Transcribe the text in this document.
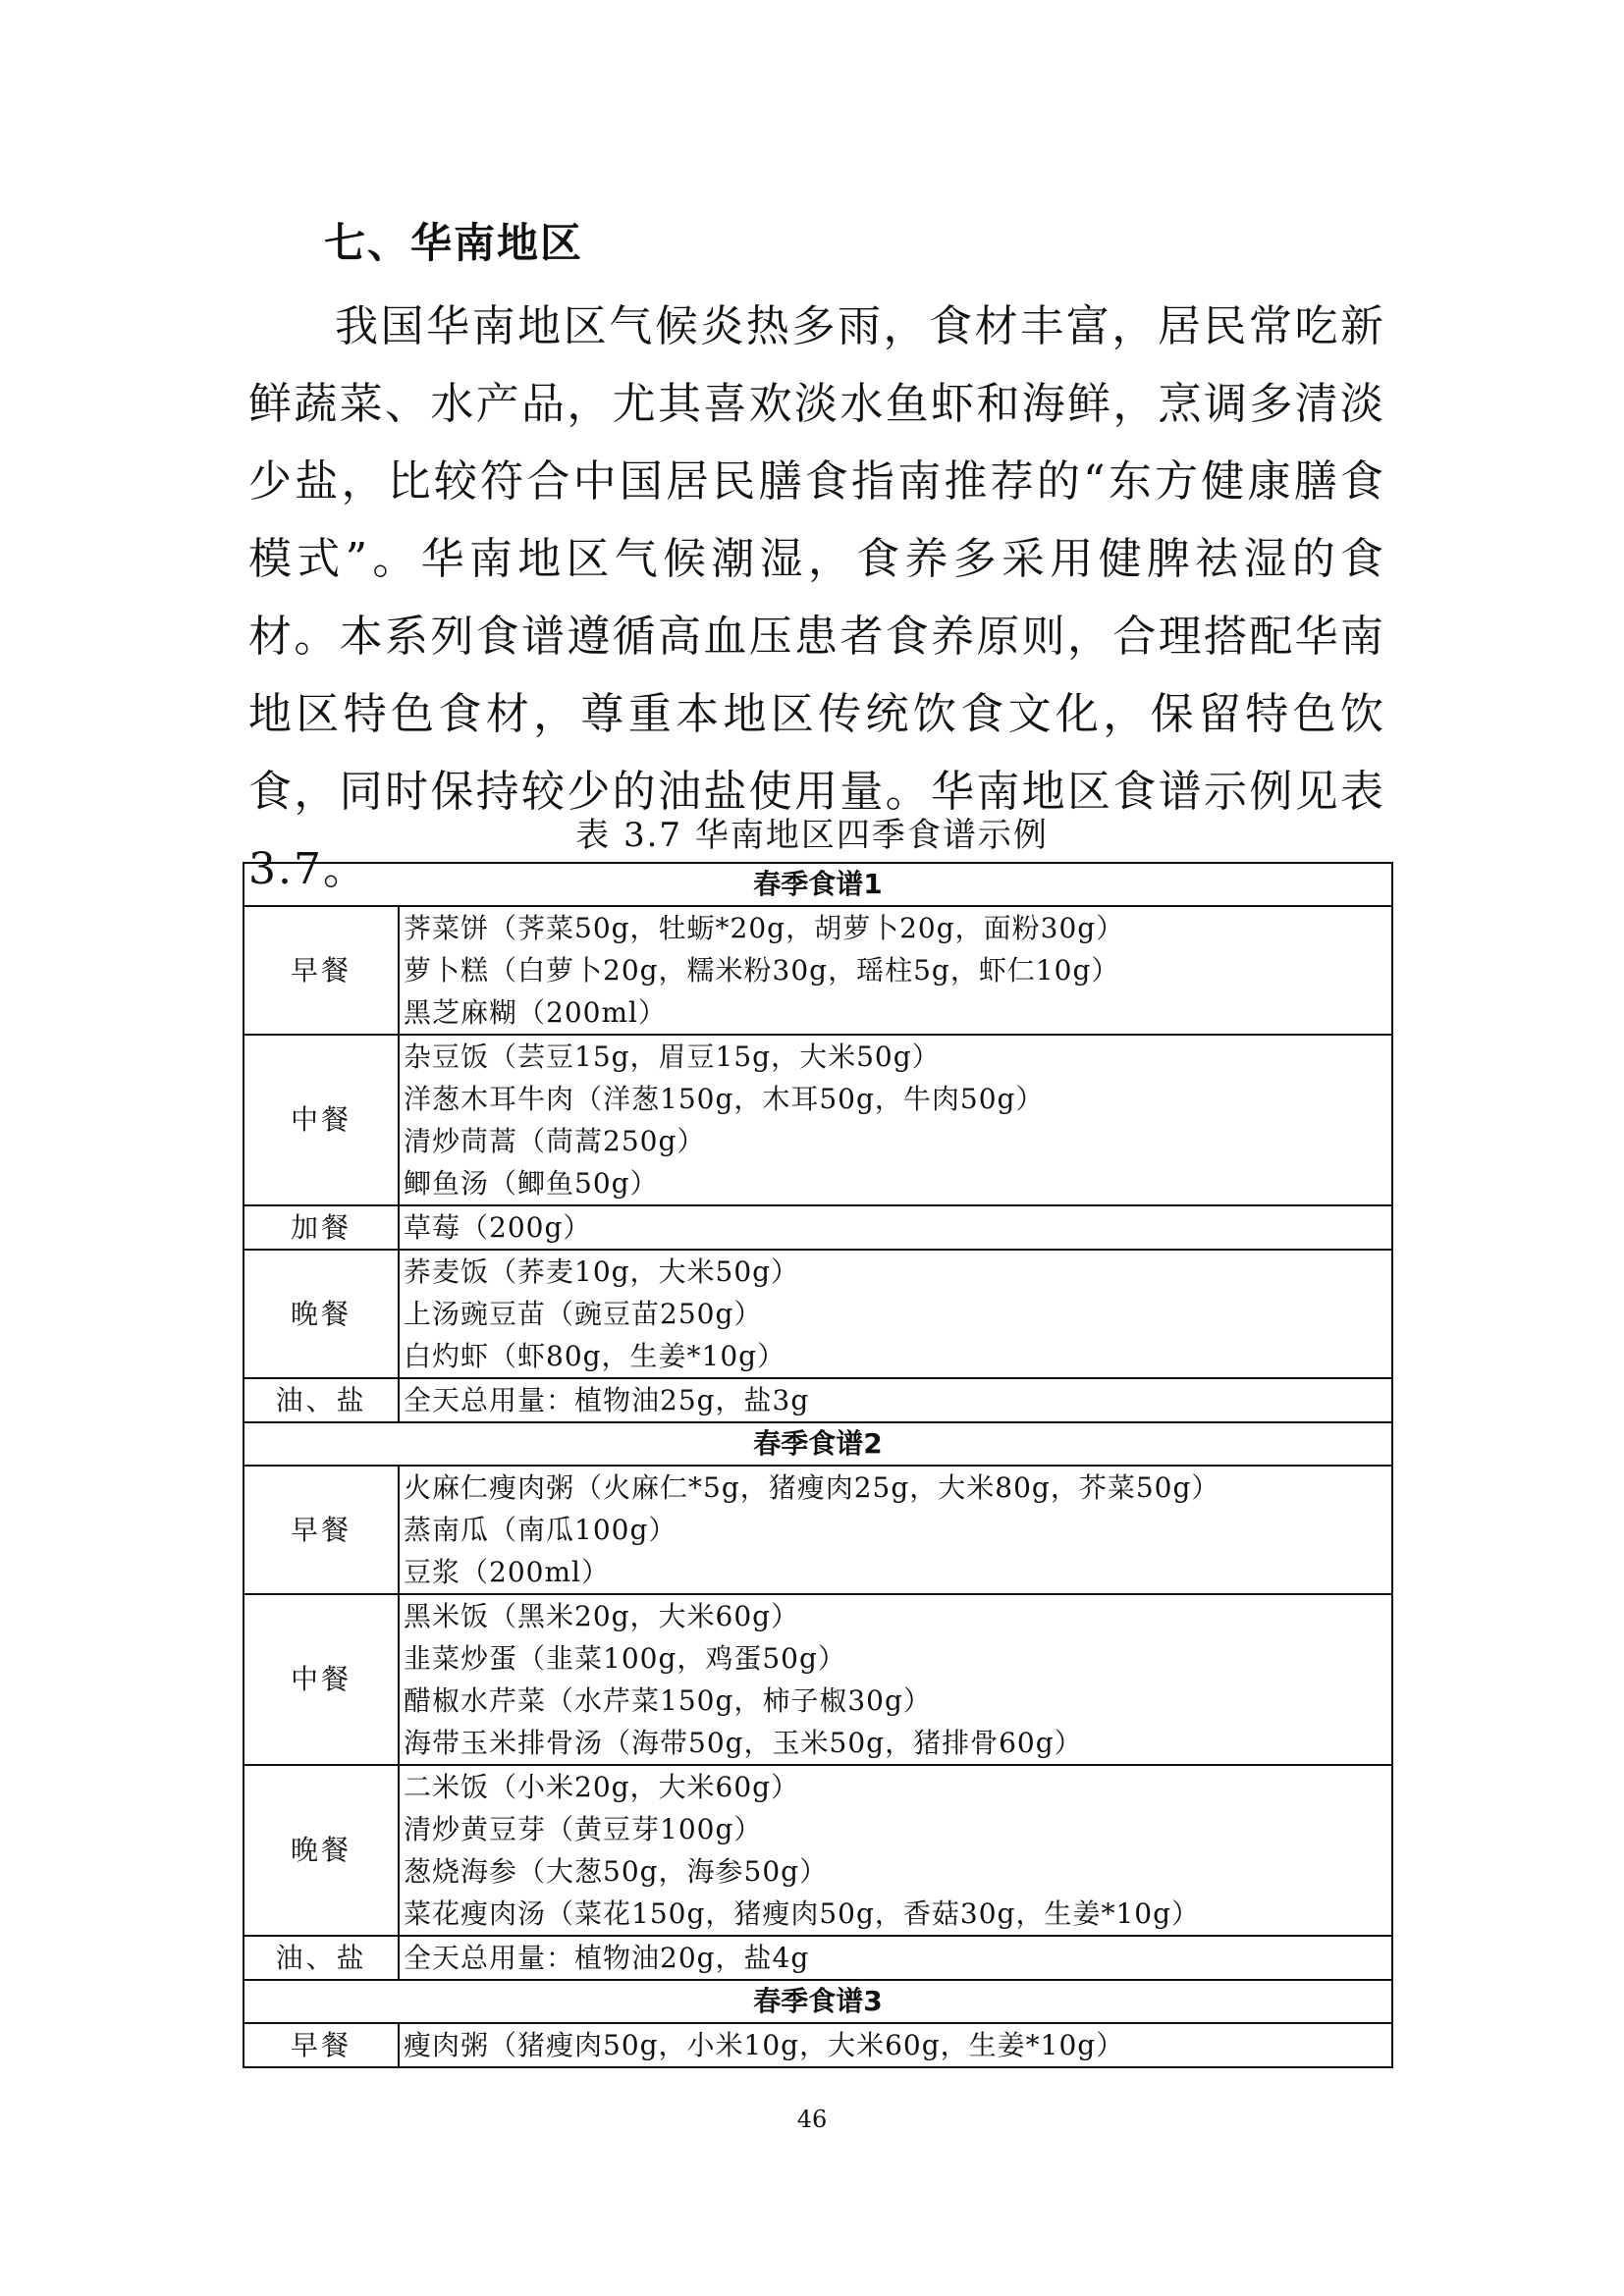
七、华南地区

我国华南地区气候炎热多雨，食材丰富，居民常吃新鲜蔬菜、水产品，尤其喜欢淡水鱼虾和海鲜，烹调多清淡少盐，比较符合中国居民膳食指南推荐的“东方健康膳食模式”。华南地区气候潮湿，食养多采用健脾祛湿的食材。本系列食谱遵循高血压患者食养原则，合理搭配华南地区特色食材，尊重本地区传统饮食文化，保留特色饮食，同时保持较少的油盐使用量。华南地区食谱示例见表 3.7。

表 3.7 华南地区四季食谱示例

春季食谱1	
早餐	荠菜饼（荠菜50g，牡蛎*20g，胡萝卜20g，面粉30g）
萝卜糕（白萝卜20g，糯米粉30g，瑶柱5g，虾仁10g）
黑芝麻糊（200ml）

中餐	杂豆饭（芸豆15g，眉豆15g，大米50g）
洋葱木耳牛肉（洋葱150g，木耳50g，牛肉50g）
清炒茼蒿（茼蒿250g）
鲫鱼汤（鲫鱼50g）

加餐	草莓（200g）

晚餐	荞麦饭（荞麦10g，大米50g）
上汤豌豆苗（豌豆苗250g）
白灼虾（虾80g，生姜*10g）

油、盐	全天总用量：植物油25g，盐3g

春季食谱2	
早餐	火麻仁瘦肉粥（火麻仁*5g，猪瘦肉25g，大米80g，芥菜50g）
蒸南瓜（南瓜100g）
豆浆（200ml）

中餐	黑米饭（黑米20g，大米60g）
韭菜炒蛋（韭菜100g，鸡蛋50g）
醋椒水芹菜（水芹菜150g，柿子椒30g）
海带玉米排骨汤（海带50g，玉米50g，猪排骨60g）

晚餐	二米饭（小米20g，大米60g）
清炒黄豆芽（黄豆芽100g）
葱烧海参（大葱50g，海参50g）
菜花瘦肉汤（菜花150g，猪瘦肉50g，香菇30g，生姜*10g）

油、盐	全天总用量：植物油20g，盐4g

春季食谱3	
早餐	瘦肉粥（猪瘦肉50g，小米10g，大米60g，生姜*10g）

46
